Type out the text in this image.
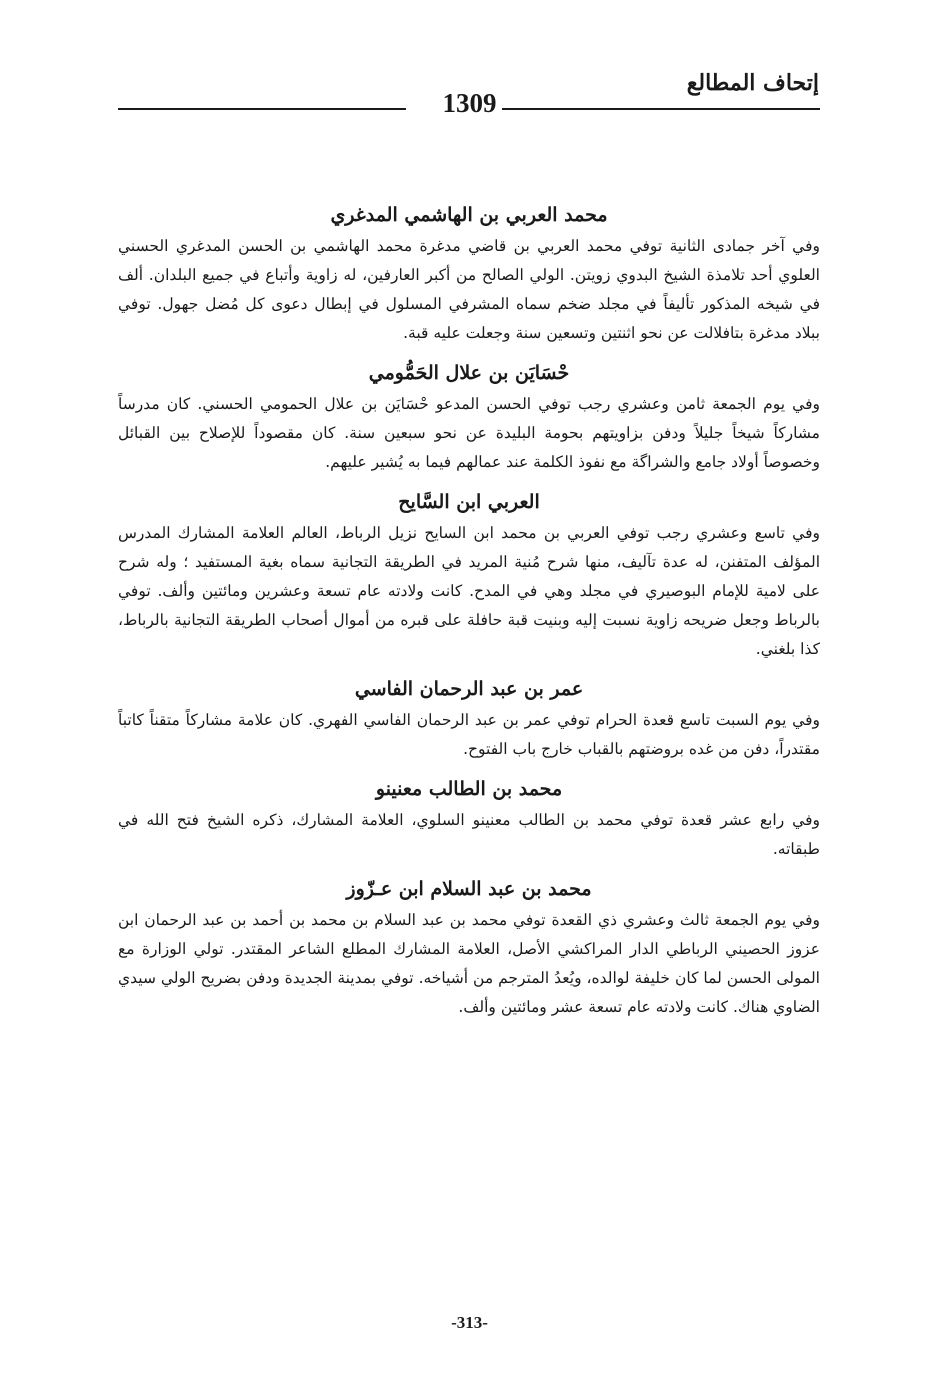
إتحاف المطالع
1309
محمد العربي بن الهاشمي المدغري

وفي آخر جمادى الثانية توفي محمد العربي بن قاضي مدغرة محمد الهاشمي بن الحسن المدغري الحسني العلوي أحد تلامذة الشيخ البدوي زويتن. الولي الصالح من أكبر العارفين، له زاوية وأتباع في جميع البلدان. ألف في شيخه المذكور تأليفاً في مجلد ضخم سماه المشرفي المسلول في إبطال دعوى كل مُضل جهول. توفي ببلاد مدغرة بتافلالت عن نحو اثنتين وتسعين سنة وجعلت عليه قبة.

حْسَايَن بن علال الحَمُّومي

وفي يوم الجمعة ثامن وعشري رجب توفي الحسن المدعو حْسَايَن بن علال الحمومي الحسني. كان مدرساً مشاركاً شيخاً جليلاً ودفن بزاويتهم بحومة البليدة عن نحو سبعين سنة. كان مقصوداً للإصلاح بين القبائل وخصوصاً أولاد جامع والشراگة مع نفوذ الكلمة عند عمالهم فيما به يُشير عليهم.

العربي ابن السَّايح

وفي تاسع وعشري رجب توفي العربي بن محمد ابن السايح نزيل الرباط، العالم العلامة المشارك المدرس المؤلف المتفنن، له عدة تآليف، منها شرح مُنية المريد في الطريقة التجانية سماه بغية المستفيد ؛ وله شرح على لامية للإمام البوصيري في مجلد وهي في المدح. كانت ولادته عام تسعة وعشرين ومائتين وألف. توفي بالرباط وجعل ضريحه زاوية نسبت إليه وبنيت قبة حافلة على قبره من أموال أصحاب الطريقة التجانية بالرباط، كذا بلغني.

عمر بن عبد الرحمان الفاسي

وفي يوم السبت تاسع قعدة الحرام توفي عمر بن عبد الرحمان الفاسي الفهري. كان علامة مشاركاً متقناً كاتباً مقتدراً، دفن من غده بروضتهم بالقباب خارج باب الفتوح.

محمد بن الطالب معنينو

وفي رابع عشر قعدة توفي محمد بن الطالب معنينو السلوي، العلامة المشارك، ذكره الشيخ فتح الله في طبقاته.

محمد بن عبد السلام ابن عـزّوز

وفي يوم الجمعة ثالث وعشري ذي القعدة توفي محمد بن عبد السلام بن محمد بن أحمد بن عبد الرحمان ابن عزوز الحصيني الرباطي الدار المراكشي الأصل، العلامة المشارك المطلع الشاعر المقتدر. تولي الوزارة مع المولى الحسن لما كان خليفة لوالده، ويُعدُ المترجم من أشياخه. توفي بمدينة الجديدة ودفن بضريح الولي سيدي الضاوي هناك. كانت ولادته عام تسعة عشر ومائتين وألف.

-313-
